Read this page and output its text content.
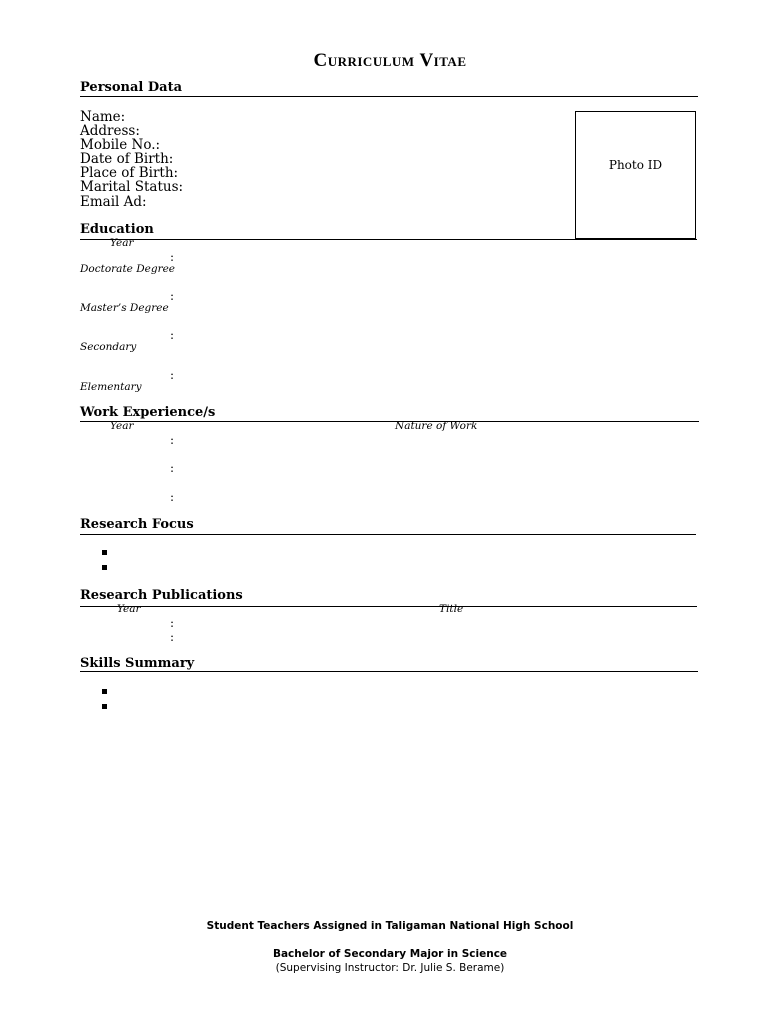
Curriculum Vitae
Personal Data
Name:
Address:
Mobile No.:
Date of Birth:
Place of Birth:
Marital Status:
Email Ad:
Photo ID
Education
Year
:
Doctorate Degree
:
Master’s Degree
:
Secondary
:
Elementary
Work Experience/s
Year	Nature of Work
:
:
:
Research Focus
Research Publications
Year	Title
:
:
Skills Summary
Student Teachers Assigned in Taligaman National High School
Bachelor of Secondary Major in Science
(Supervising Instructor: Dr. Julie S. Berame)
